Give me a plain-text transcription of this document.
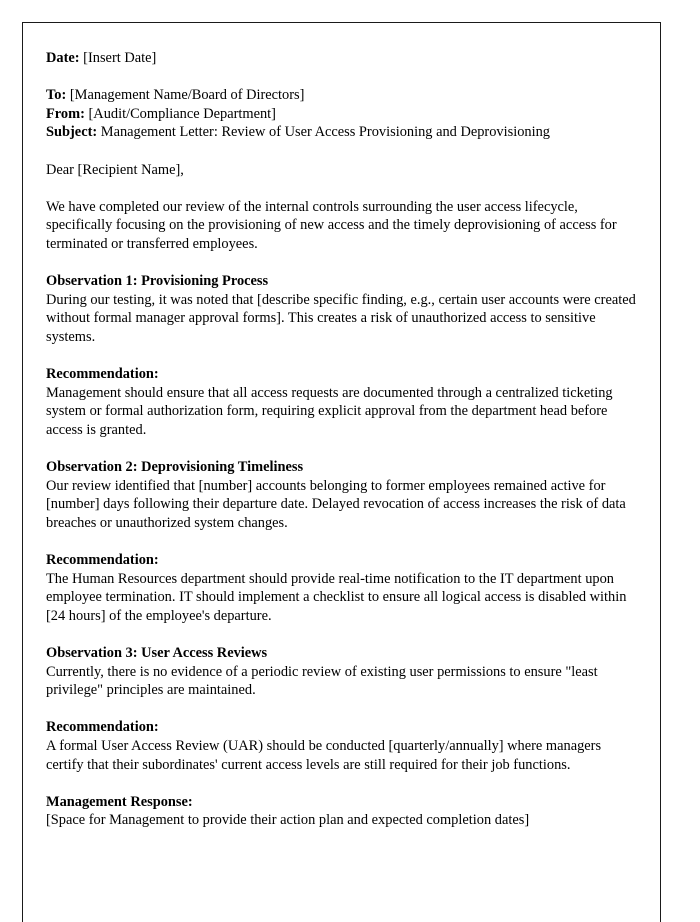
Date: [Insert Date]
To: [Management Name/Board of Directors]
From: [Audit/Compliance Department]
Subject: Management Letter: Review of User Access Provisioning and Deprovisioning
Dear [Recipient Name],
We have completed our review of the internal controls surrounding the user access lifecycle, specifically focusing on the provisioning of new access and the timely deprovisioning of access for terminated or transferred employees.
Observation 1: Provisioning Process
During our testing, it was noted that [describe specific finding, e.g., certain user accounts were created without formal manager approval forms]. This creates a risk of unauthorized access to sensitive systems.
Recommendation:
Management should ensure that all access requests are documented through a centralized ticketing system or formal authorization form, requiring explicit approval from the department head before access is granted.
Observation 2: Deprovisioning Timeliness
Our review identified that [number] accounts belonging to former employees remained active for [number] days following their departure date. Delayed revocation of access increases the risk of data breaches or unauthorized system changes.
Recommendation:
The Human Resources department should provide real-time notification to the IT department upon employee termination. IT should implement a checklist to ensure all logical access is disabled within [24 hours] of the employee's departure.
Observation 3: User Access Reviews
Currently, there is no evidence of a periodic review of existing user permissions to ensure "least privilege" principles are maintained.
Recommendation:
A formal User Access Review (UAR) should be conducted [quarterly/annually] where managers certify that their subordinates' current access levels are still required for their job functions.
Management Response:
[Space for Management to provide their action plan and expected completion dates]
